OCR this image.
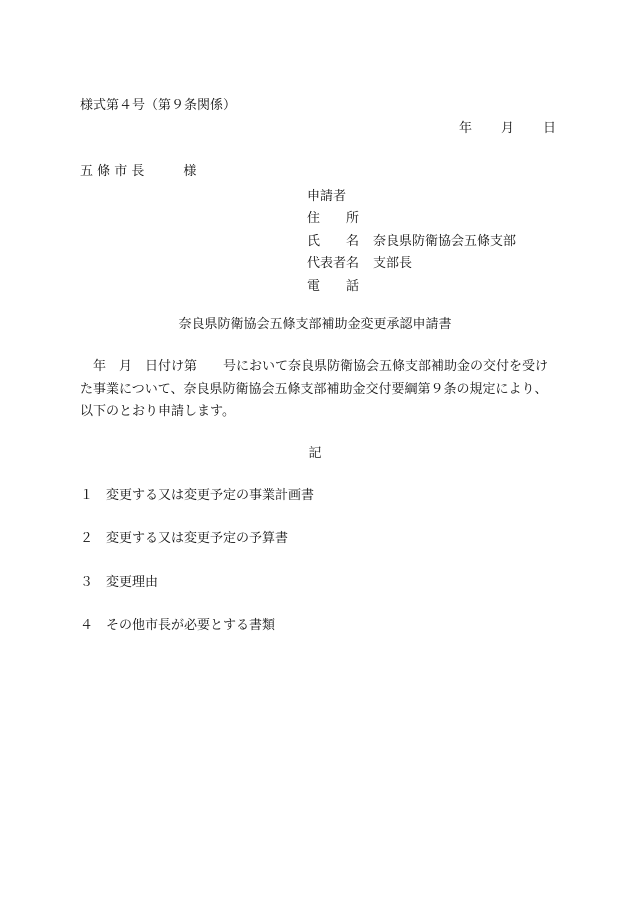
様式第４号（第９条関係）
年 月 日
五 條 市 長　　　様
申請者
住　　所
氏　　名	奈良県防衛協会五條支部
代表者名	支部長
電　　話
奈良県防衛協会五條支部補助金変更承認申請書
　年　月　日付け第　　号において奈良県防衛協会五條支部補助金の交付を受けた事業について、奈良県防衛協会五條支部補助金交付要綱第９条の規定により、以下のとおり申請します。
記
１ 変更する又は変更予定の事業計画書
２ 変更する又は変更予定の予算書
３ 変更理由
４ その他市長が必要とする書類
